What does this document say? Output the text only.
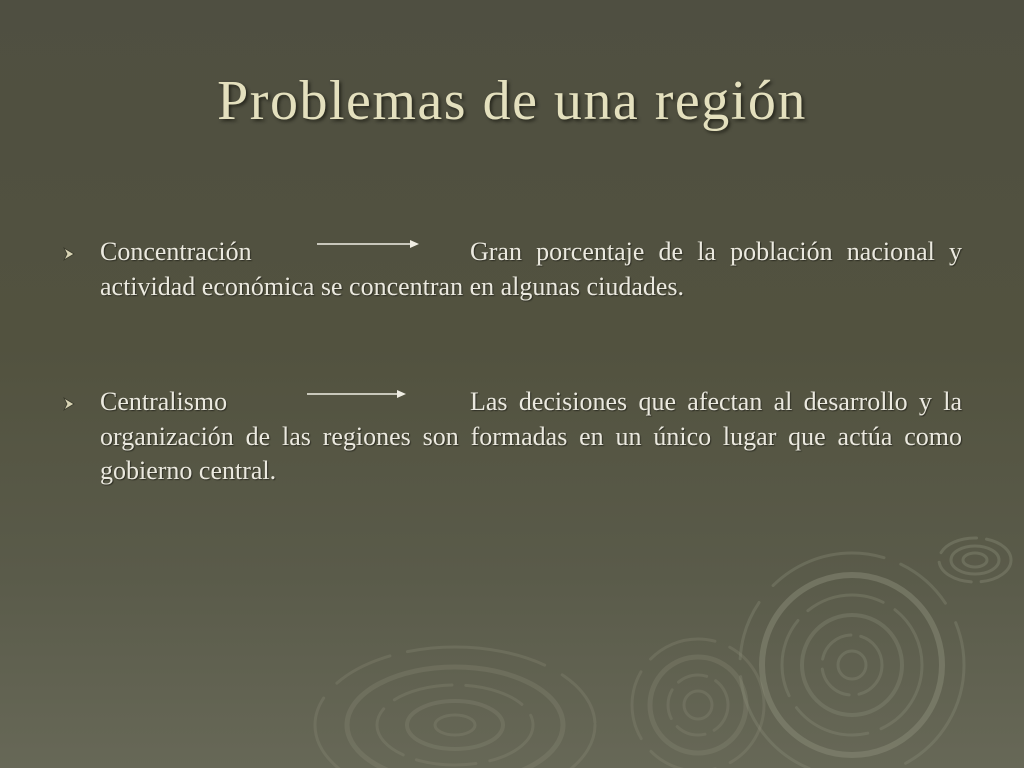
Problemas de una región
Concentración	Gran porcentaje de la población nacional y actividad económica se concentran en algunas ciudades.
Centralismo	Las decisiones que afectan al desarrollo y la organización de las regiones son formadas en un único lugar que actúa como gobierno central.
